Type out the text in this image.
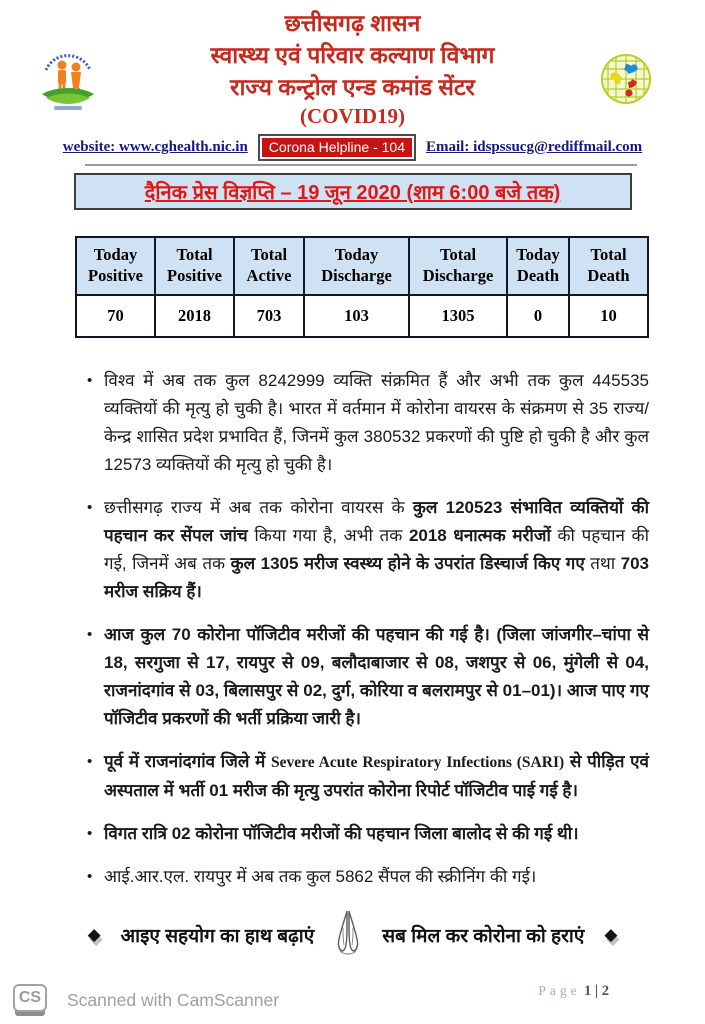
छत्तीसगढ़ शासन
स्वास्थ्य एवं परिवार कल्याण विभाग
राज्य कन्ट्रोल एन्ड कमांड सेंटर
(COVID19)
website: www.cghealth.nic.in	Corona Helpline - 104	Email: idspssucg@rediffmail.com
दैनिक प्रेस विज्ञप्ति – 19 जून 2020 (शाम 6:00 बजे तक)
Today Positive	Total Positive	Total Active	Today Discharge	Total Discharge	Today Death	Total Death
70	2018	703	103	1305	0	10
• विश्व में अब तक कुल 8242999 व्यक्ति संक्रमित हैं और अभी तक कुल 445535 व्यक्तियों की मृत्यु हो चुकी है। भारत में वर्तमान में कोरोना वायरस के संक्रमण से 35 राज्य/केन्द्र शासित प्रदेश प्रभावित हैं, जिनमें कुल 380532 प्रकरणों की पुष्टि हो चुकी है और कुल 12573 व्यक्तियों की मृत्यु हो चुकी है।
• छत्तीसगढ़ राज्य में अब तक कोरोना वायरस के कुल 120523 संभावित व्यक्तियों की पहचान कर सेंपल जांच किया गया है, अभी तक 2018 धनात्मक मरीजों की पहचान की गई, जिनमें अब तक कुल 1305 मरीज स्वस्थ्य होने के उपरांत डिस्चार्ज किए गए तथा 703 मरीज सक्रिय हैं।
• आज कुल 70 कोरोना पॉजिटीव मरीजों की पहचान की गई है। (जिला जांजगीर–चांपा से 18, सरगुजा से 17, रायपुर से 09, बलौदाबाजार से 08, जशपुर से 06, मुंगेली से 04, राजनांदगांव से 03, बिलासपुर से 02, दुर्ग, कोरिया व बलरामपुर से 01–01)। आज पाए गए पॉजिटीव प्रकरणों की भर्ती प्रक्रिया जारी है।
• पूर्व में राजनांदगांव जिले में Severe Acute Respiratory Infections (SARI) से पीड़ित एवं अस्पताल में भर्ती 01 मरीज की मृत्यु उपरांत कोरोना रिपोर्ट पॉजिटीव पाई गई है।
• विगत रात्रि 02 कोरोना पॉजिटीव मरीजों की पहचान जिला बालोद से की गई थी।
• आई.आर.एल. रायपुर में अब तक कुल 5862 सैंपल की स्क्रीनिंग की गई।
◆ आइए सहयोग का हाथ बढ़ाएं	सब मिल कर कोरोना को हराएं ◆
CS	Scanned with CamScanner	Page 1 | 2
